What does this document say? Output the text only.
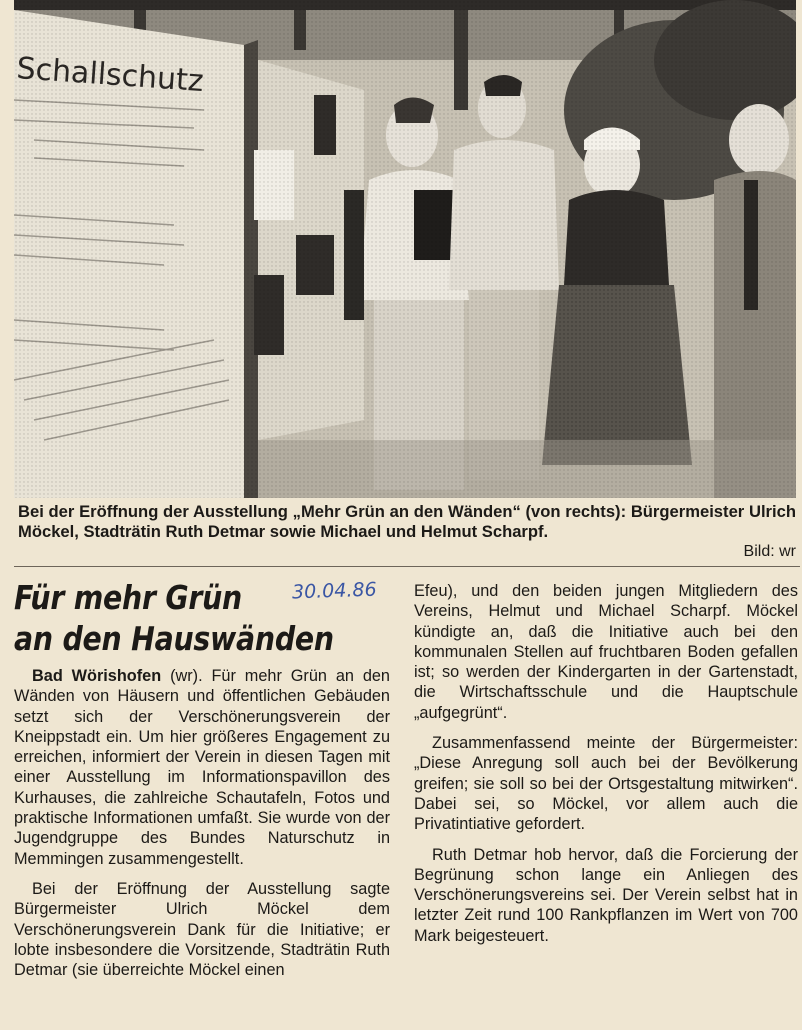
Bei der Eröffnung der Ausstellung „Mehr Grün an den Wänden“ (von rechts): Bürgermeister Ulrich Möckel, Stadträtin Ruth Detmar sowie Michael und Helmut Scharpf.
Bild: wr
Für mehr Grün
an den Hauswänden
30.04.86

Bad Wörishofen (wr). Für mehr Grün an den Wänden von Häusern und öffentlichen Gebäuden setzt sich der Verschönerungsverein der Kneippstadt ein. Um hier größeres Engagement zu erreichen, informiert der Verein in diesen Tagen mit einer Ausstellung im Informationspavillon des Kurhauses, die zahlreiche Schautafeln, Fotos und praktische Informationen umfaßt. Sie wurde von der Jugendgruppe des Bundes Naturschutz in Memmingen zusammengestellt.

Bei der Eröffnung der Ausstellung sagte Bürgermeister Ulrich Möckel dem Verschönerungsverein Dank für die Initiative; er lobte insbesondere die Vorsitzende, Stadträtin Ruth Detmar (sie überreichte Möckel einen

Efeu), und den beiden jungen Mitgliedern des Vereins, Helmut und Michael Scharpf. Möckel kündigte an, daß die Initiative auch bei den kommunalen Stellen auf fruchtbaren Boden gefallen ist; so werden der Kindergarten in der Gartenstadt, die Wirtschaftsschule und die Hauptschule „aufgegrünt“.

Zusammenfassend meinte der Bürgermeister: „Diese Anregung soll auch bei der Bevölkerung greifen; sie soll so bei der Ortsgestaltung mitwirken“. Dabei sei, so Möckel, vor allem auch die Privatintiative gefordert.

Ruth Detmar hob hervor, daß die Forcierung der Begrünung schon lange ein Anliegen des Verschönerungsvereins sei. Der Verein selbst hat in letzter Zeit rund 100 Rankpflanzen im Wert von 700 Mark beigesteuert.
